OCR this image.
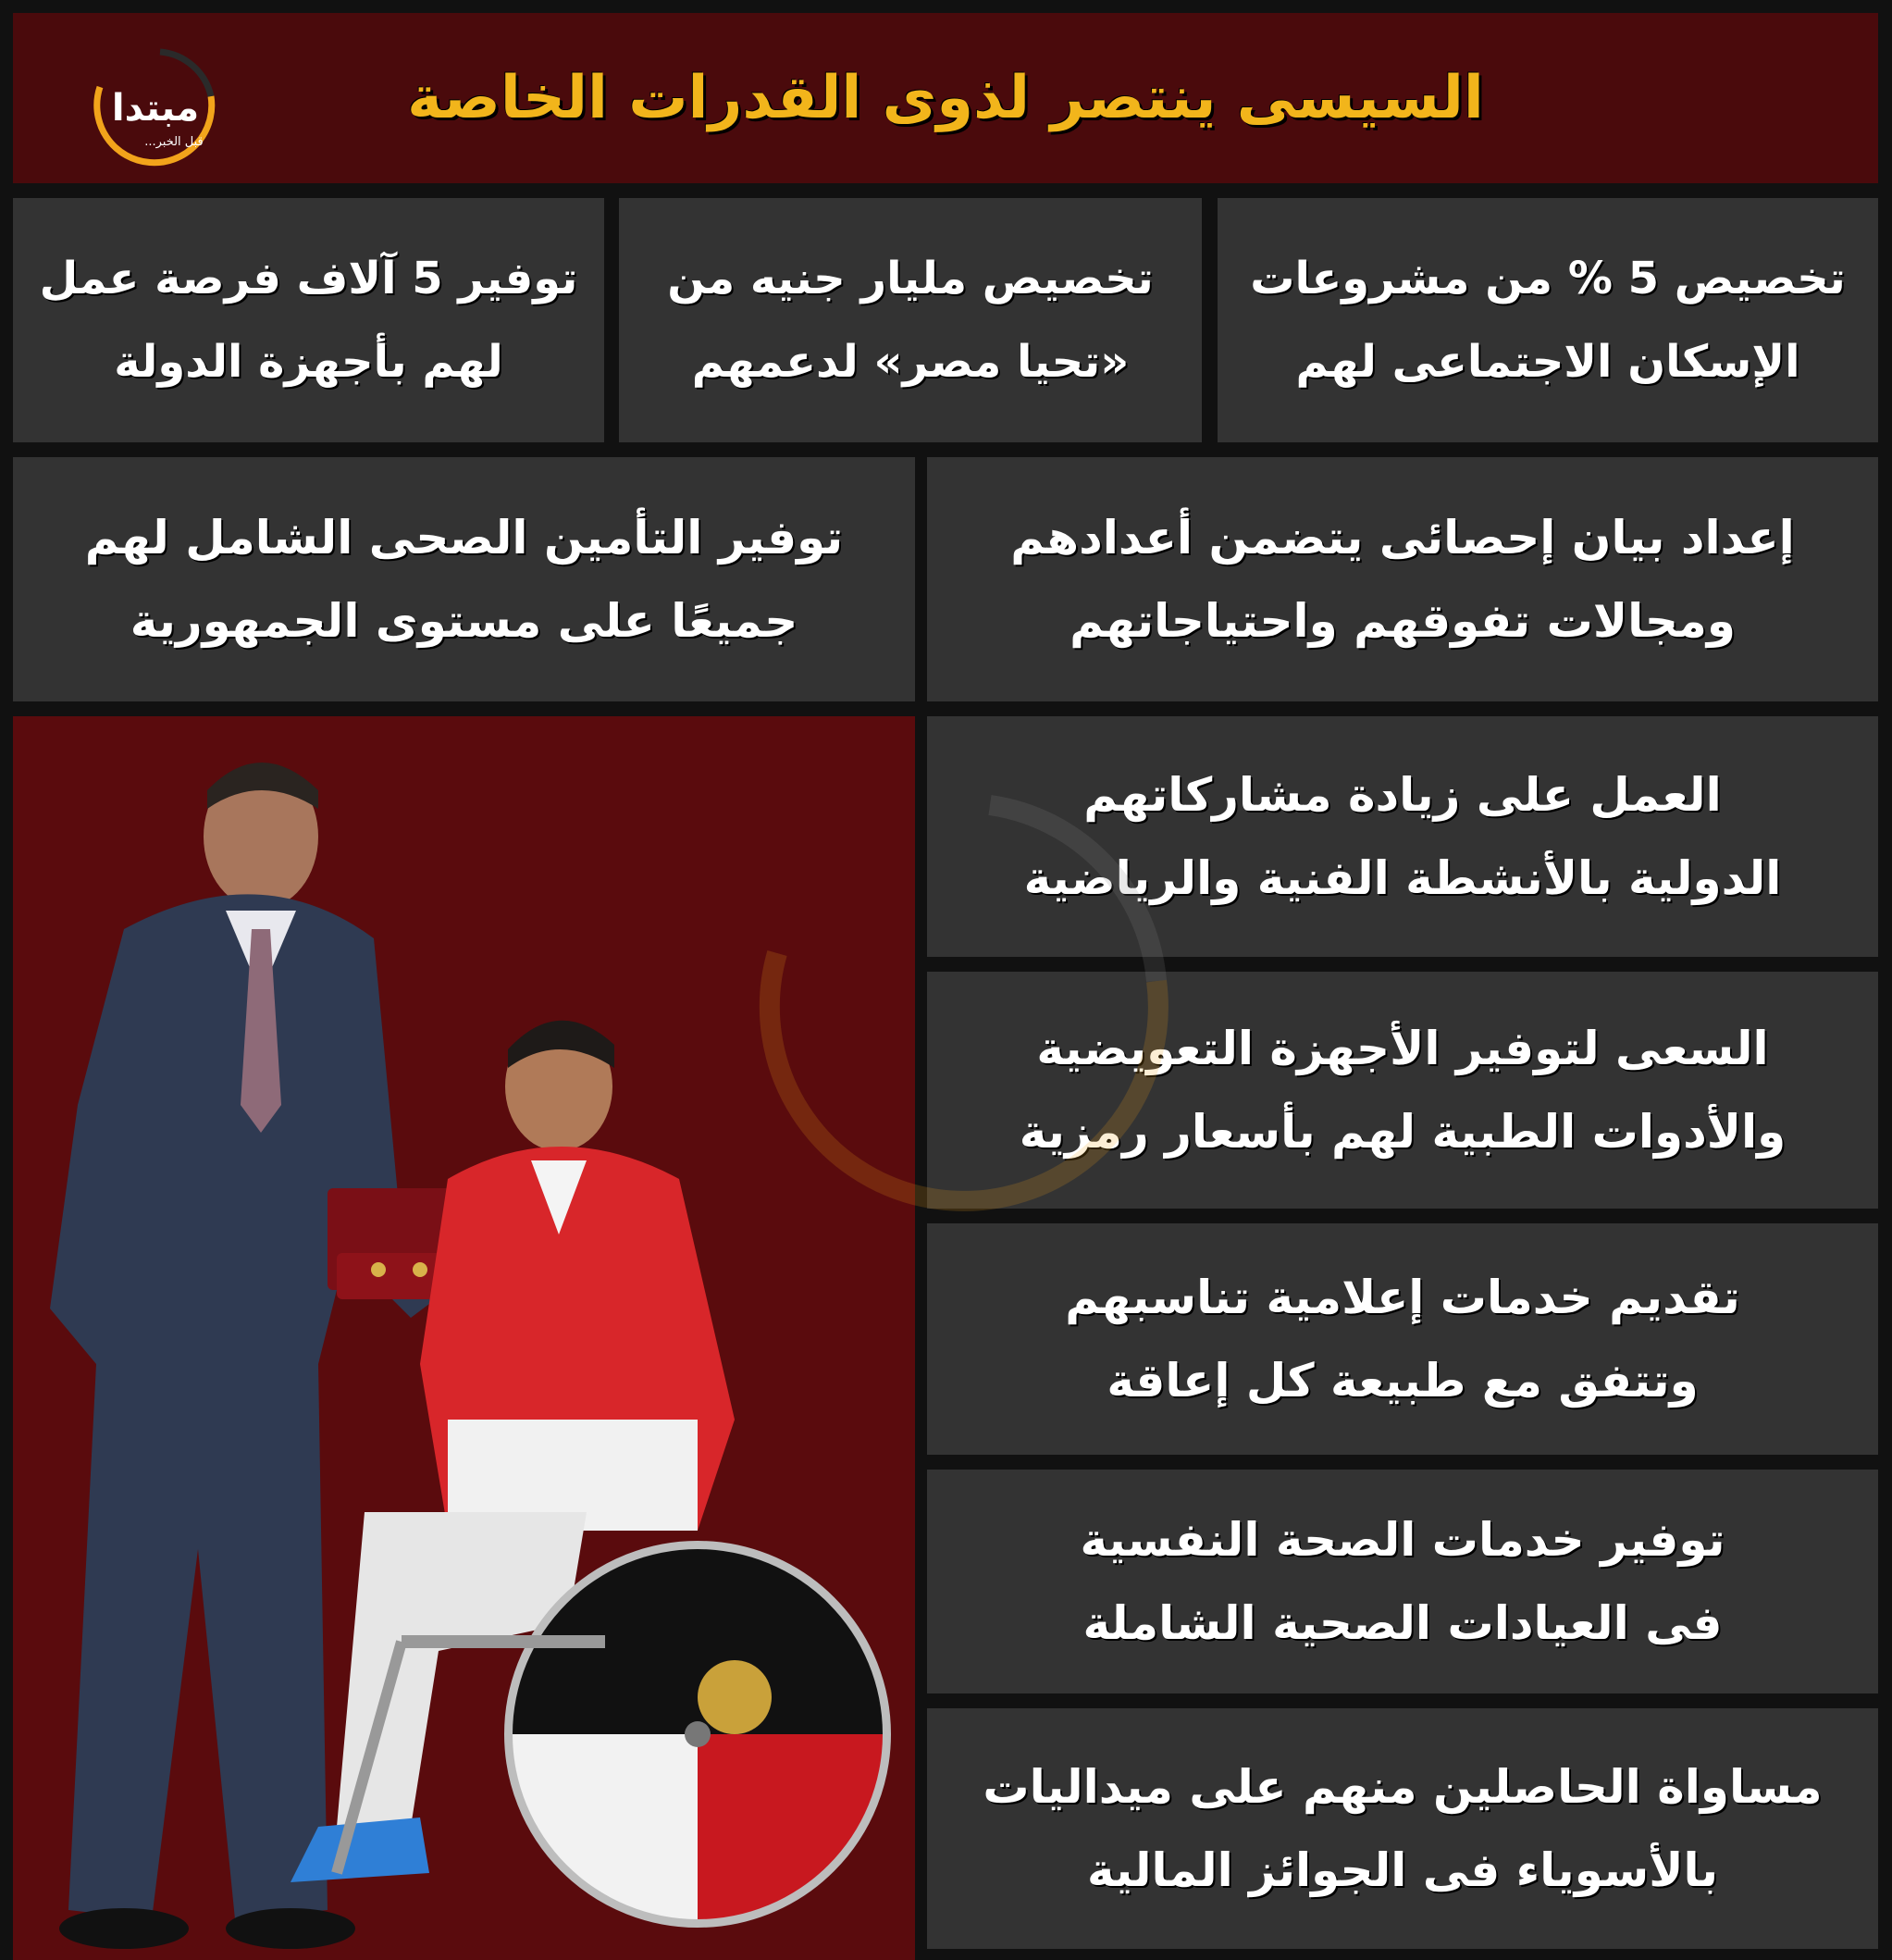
مبتدا
قبل الخبر...
السيسى ينتصر لذوى القدرات الخاصة
تخصيص 5 % من مشروعات
الإسكان الاجتماعى لهم
تخصيص مليار جنيه من
«تحيا مصر» لدعمهم
توفير 5 آلاف فرصة عمل
لهم بأجهزة الدولة
إعداد بيان إحصائى يتضمن أعدادهم
ومجالات تفوقهم واحتياجاتهم
توفير التأمين الصحى الشامل لهم
جميعًا على مستوى الجمهورية
العمل على زيادة مشاركاتهم
الدولية بالأنشطة الفنية والرياضية
السعى لتوفير الأجهزة التعويضية
والأدوات الطبية لهم بأسعار رمزية
تقديم خدمات إعلامية تناسبهم
وتتفق مع طبيعة كل إعاقة
توفير خدمات الصحة النفسية
فى العيادات الصحية الشاملة
مساواة الحاصلين منهم على ميداليات
بالأسوياء فى الجوائز المالية
